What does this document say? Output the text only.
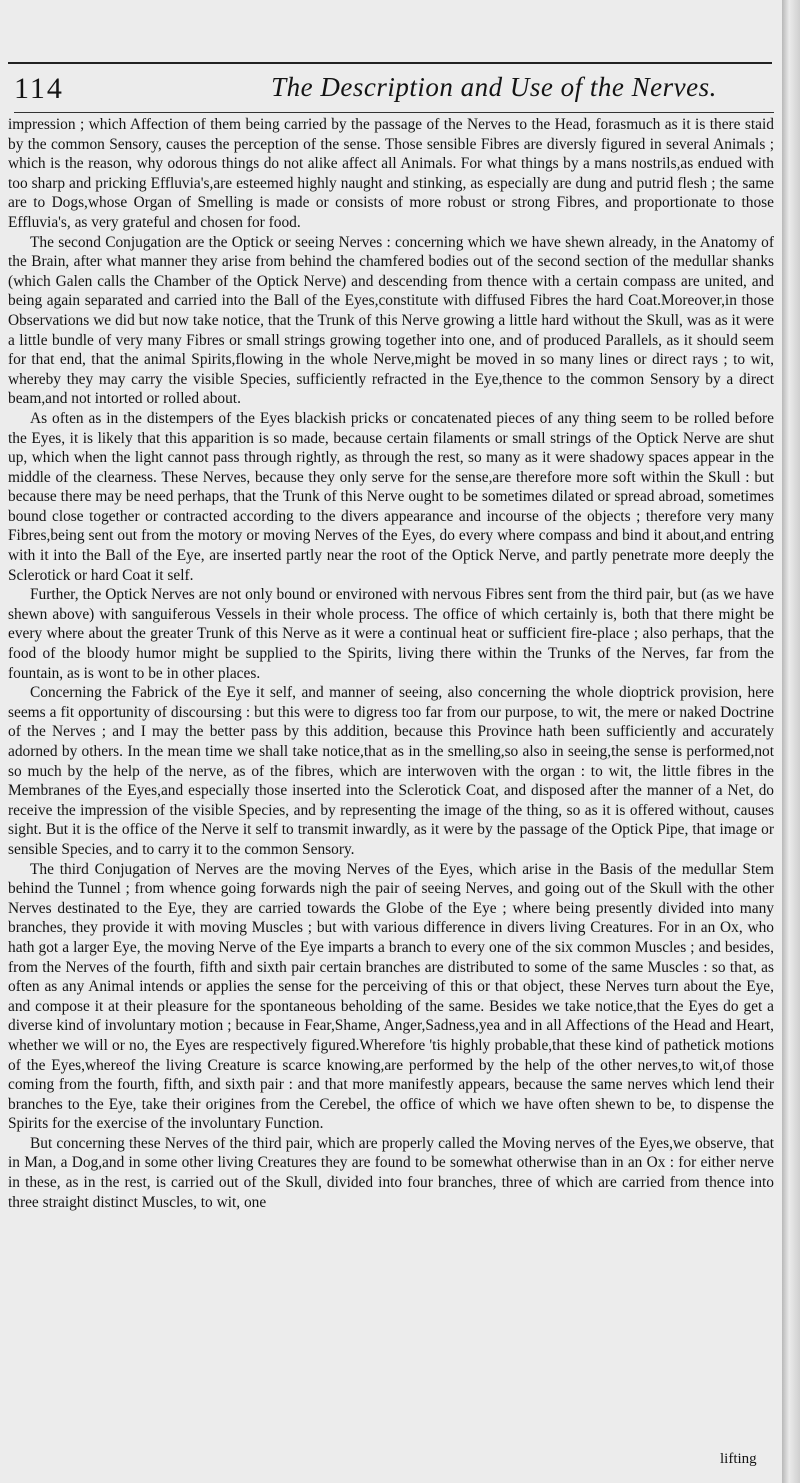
114	The Description and Use of the Nerves.

impression ; which Affection of them being carried by the passage of the Nerves to the Head, forasmuch as it is there staid by the common Sensory, causes the perception of the sense. Those sensible Fibres are diversly figured in several Animals ; which is the reason, why odorous things do not alike affect all Animals. For what things by a mans nostrils,as endued with too sharp and pricking Effluvia's,are esteemed highly naught and stinking, as especially are dung and putrid flesh ; the same are to Dogs,whose Organ of Smelling is made or consists of more robust or strong Fibres, and proportionate to those Effluvia's, as very grateful and chosen for food.

The second Conjugation are the Optick or seeing Nerves : concerning which we have shewn already, in the Anatomy of the Brain, after what manner they arise from behind the chamfered bodies out of the second section of the medullar shanks (which Galen calls the Chamber of the Optick Nerve) and descending from thence with a certain compass are united, and being again separated and carried into the Ball of the Eyes,constitute with diffused Fibres the hard Coat.Moreover,in those Observations we did but now take notice, that the Trunk of this Nerve growing a little hard without the Skull, was as it were a little bundle of very many Fibres or small strings growing together into one, and of produced Parallels, as it should seem for that end, that the animal Spirits,flowing in the whole Nerve,might be moved in so many lines or direct rays ; to wit, whereby they may carry the visible Species, sufficiently refracted in the Eye,thence to the common Sensory by a direct beam,and not intorted or rolled about.

As often as in the distempers of the Eyes blackish pricks or concatenated pieces of any thing seem to be rolled before the Eyes, it is likely that this apparition is so made, because certain filaments or small strings of the Optick Nerve are shut up, which when the light cannot pass through rightly, as through the rest, so many as it were shadowy spaces appear in the middle of the clearness. These Nerves, because they only serve for the sense,are therefore more soft within the Skull : but because there may be need perhaps, that the Trunk of this Nerve ought to be sometimes dilated or spread abroad, sometimes bound close together or contracted according to the divers appearance and incourse of the objects ; therefore very many Fibres,being sent out from the motory or moving Nerves of the Eyes, do every where compass and bind it about,and entring with it into the Ball of the Eye, are inserted partly near the root of the Optick Nerve, and partly penetrate more deeply the Sclerotick or hard Coat it self.

Further, the Optick Nerves are not only bound or environed with nervous Fibres sent from the third pair, but (as we have shewn above) with sanguiferous Vessels in their whole process. The office of which certainly is, both that there might be every where about the greater Trunk of this Nerve as it were a continual heat or sufficient fire-place ; also perhaps, that the food of the bloody humor might be supplied to the Spirits, living there within the Trunks of the Nerves, far from the fountain, as is wont to be in other places.

Concerning the Fabrick of the Eye it self, and manner of seeing, also concerning the whole dioptrick provision, here seems a fit opportunity of discoursing : but this were to digress too far from our purpose, to wit, the mere or naked Doctrine of the Nerves ; and I may the better pass by this addition, because this Province hath been sufficiently and accurately adorned by others. In the mean time we shall take notice,that as in the smelling,so also in seeing,the sense is performed,not so much by the help of the nerve, as of the fibres, which are interwoven with the organ : to wit, the little fibres in the Membranes of the Eyes,and especially those inserted into the Sclerotick Coat, and disposed after the manner of a Net, do receive the impression of the visible Species, and by representing the image of the thing, so as it is offered without, causes sight. But it is the office of the Nerve it self to transmit inwardly, as it were by the passage of the Optick Pipe, that image or sensible Species, and to carry it to the common Sensory.

The third Conjugation of Nerves are the moving Nerves of the Eyes, which arise in the Basis of the medullar Stem behind the Tunnel ; from whence going forwards nigh the pair of seeing Nerves, and going out of the Skull with the other Nerves destinated to the Eye, they are carried towards the Globe of the Eye ; where being presently divided into many branches, they provide it with moving Muscles ; but with various difference in divers living Creatures. For in an Ox, who hath got a larger Eye, the moving Nerve of the Eye imparts a branch to every one of the six common Muscles ; and besides, from the Nerves of the fourth, fifth and sixth pair certain branches are distributed to some of the same Muscles : so that, as often as any Animal intends or applies the sense for the perceiving of this or that object, these Nerves turn about the Eye, and compose it at their pleasure for the spontaneous beholding of the same. Besides we take notice,that the Eyes do get a diverse kind of involuntary motion ; because in Fear,Shame, Anger,Sadness,yea and in all Affections of the Head and Heart, whether we will or no, the Eyes are respectively figured.Wherefore 'tis highly probable,that these kind of pathetick motions of the Eyes,whereof the living Creature is scarce knowing,are performed by the help of the other nerves,to wit,of those coming from the fourth, fifth, and sixth pair : and that more manifestly appears, because the same nerves which lend their branches to the Eye, take their origines from the Cerebel, the office of which we have often shewn to be, to dispense the Spirits for the exercise of the involuntary Function.

But concerning these Nerves of the third pair, which are properly called the Moving nerves of the Eyes,we observe, that in Man, a Dog,and in some other living Creatures they are found to be somewhat otherwise than in an Ox : for either nerve in these, as in the rest, is carried out of the Skull, divided into four branches, three of which are carried from thence into three straight distinct Muscles, to wit, one

lifting
